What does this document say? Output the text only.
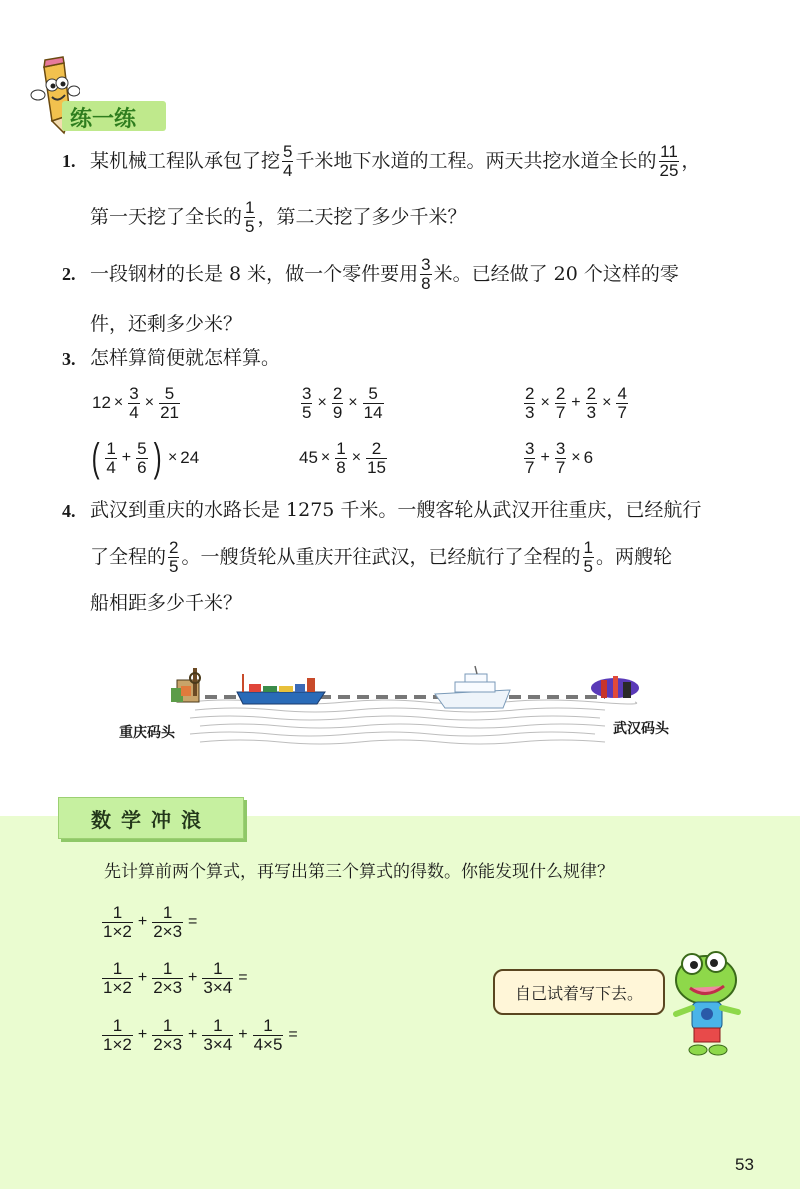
练一练
1. 某机械工程队承包了挖 $\frac{5}{4}$ 千米地下水道的工程。两天共挖水道全长的 $\frac{11}{25}$ ，
第一天挖了全长的 $\frac{1}{5}$ ，第二天挖了多少千米？
2. 一段钢材的长是 8 米，做一个零件要用 $\frac{3}{8}$ 米。已经做了 20 个这样的零
件，还剩多少米？
3. 怎样算简便就怎样算。
$12 \times \frac{3}{4} \times \frac{5}{21}$	$\frac{3}{5} \times \frac{2}{9} \times \frac{5}{14}$	$\frac{2}{3} \times \frac{2}{7} + \frac{2}{3} \times \frac{4}{7}$
( $\frac{1}{4} + \frac{5}{6}$ ) × 24	$45 \times \frac{1}{8} \times \frac{2}{15}$	$\frac{3}{7} + \frac{3}{7} \times 6$
4. 武汉到重庆的水路长是 1275 千米。一艘客轮从武汉开往重庆，已经航行
了全程的 $\frac{2}{5}$ 。一艘货轮从重庆开往武汉，已经航行了全程的 $\frac{1}{5}$ 。两艘轮
船相距多少千米？
重庆码头	武汉码头
数学冲浪
先计算前两个算式，再写出第三个算式的得数。你能发现什么规律？
$\frac{1}{1\times 2} + \frac{1}{2\times 3}$ =
$\frac{1}{1\times 2} + \frac{1}{2\times 3} + \frac{1}{3\times 4}$ =
$\frac{1}{1\times 2} + \frac{1}{2\times 3} + \frac{1}{3\times 4} + \frac{1}{4\times 5}$ =
自己试着写下去。
53
